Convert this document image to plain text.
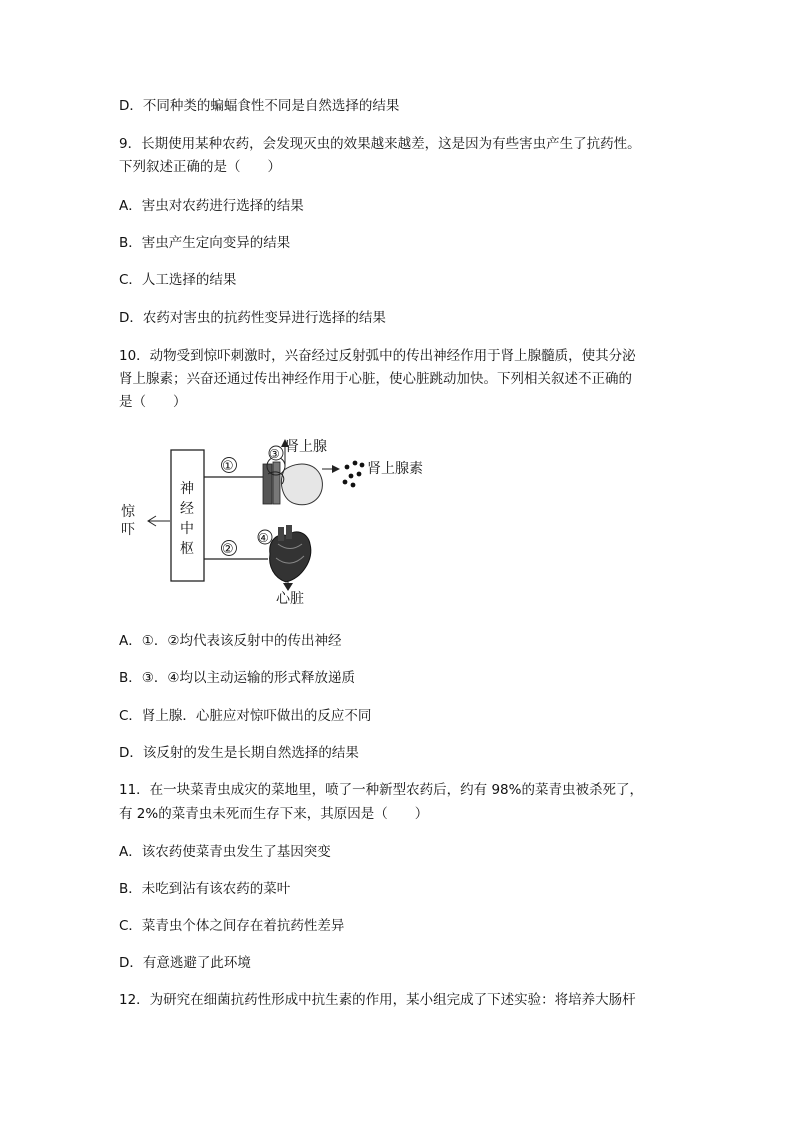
D．不同种类的蝙蝠食性不同是自然选择的结果
9．长期使用某种农药，会发现灭虫的效果越来越差，这是因为有些害虫产生了抗药性。
下列叙述正确的是（　　）
A．害虫对农药进行选择的结果
B．害虫产生定向变异的结果
C．人工选择的结果
D．农药对害虫的抗药性变异进行选择的结果
10．动物受到惊吓刺激时，兴奋经过反射弧中的传出神经作用于肾上腺髓质，使其分泌
肾上腺素；兴奋还通过传出神经作用于心脏，使心脏跳动加快。下列相关叙述不正确的
是（　　）
惊
吓
神
经
中
枢
①
②
③ 肾上腺
肾上腺素
④
心脏
A．①．②均代表该反射中的传出神经
B．③．④均以主动运输的形式释放递质
C．肾上腺．心脏应对惊吓做出的反应不同
D．该反射的发生是长期自然选择的结果
11．在一块菜青虫成灾的菜地里，喷了一种新型农药后，约有 98%的菜青虫被杀死了，
有 2%的菜青虫未死而生存下来，其原因是（　　）
A．该农药使菜青虫发生了基因突变
B．未吃到沾有该农药的菜叶
C．菜青虫个体之间存在着抗药性差异
D．有意逃避了此环境
12．为研究在细菌抗药性形成中抗生素的作用，某小组完成了下述实验：将培养大肠杆
